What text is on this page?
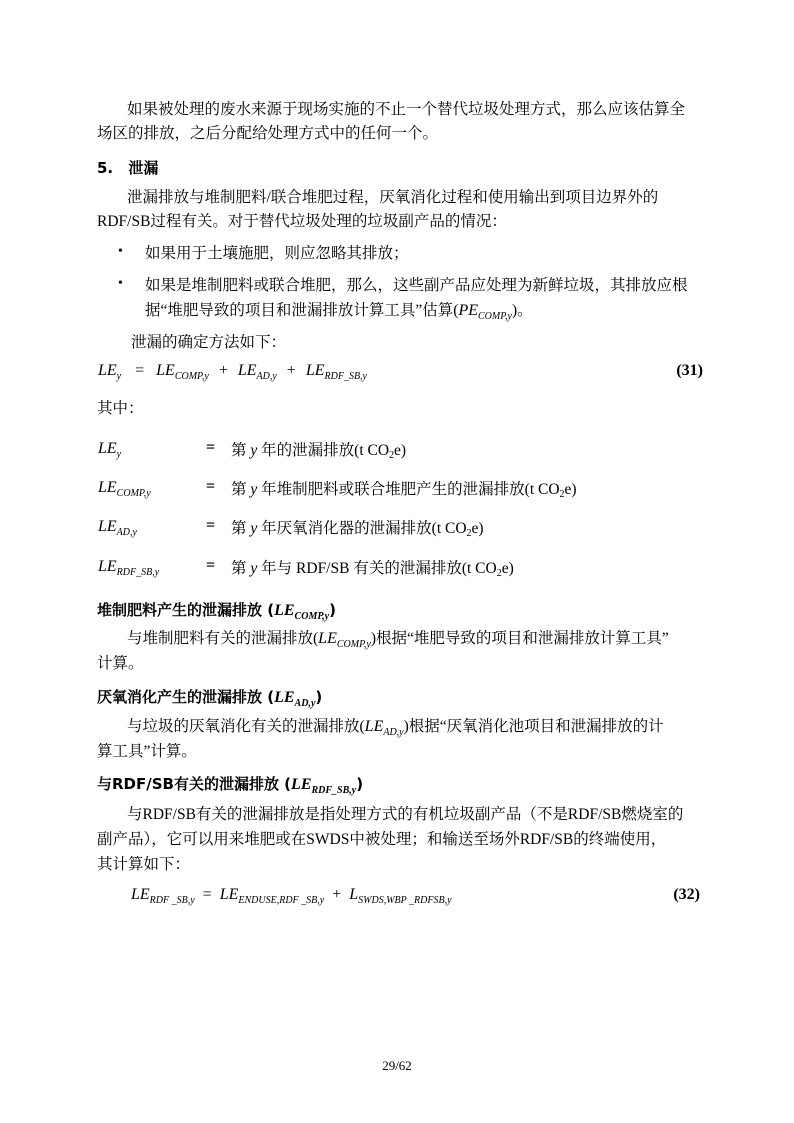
如果被处理的废水来源于现场实施的不止一个替代垃圾处理方式，那么应该估算全
场区的排放，之后分配给处理方式中的任何一个。
5. 泄漏
泄漏排放与堆制肥料/联合堆肥过程，厌氧消化过程和使用输出到项目边界外的
RDF/SB过程有关。对于替代垃圾处理的垃圾副产品的情况：
• 如果用于土壤施肥，则应忽略其排放；
• 如果是堆制肥料或联合堆肥，那么，这些副产品应处理为新鲜垃圾，其排放应根
据“堆肥导致的项目和泄漏排放计算工具”估算$(PE_{COMP,y})$。
泄漏的确定方法如下：
$LE_y = LE_{COMP,y} + LE_{AD,y} + LE_{RDF\_SB,y}$	(31)
其中：
$LE_y$	= 第 y 年的泄漏排放(t $CO_2e$)
$LE_{COMP,y}$	= 第 y 年堆制肥料或联合堆肥产生的泄漏排放(t $CO_2e$)
$LE_{AD,y}$	= 第 y 年厌氧消化器的泄漏排放(t $CO_2e$)
$LE_{RDF\_SB,y}$	= 第 y 年与 RDF/SB 有关的泄漏排放(t $CO_2e$)
堆制肥料产生的泄漏排放 $(LE_{COMP,y})$
与堆制肥料有关的泄漏排放$(LE_{COMP,y})$根据“堆肥导致的项目和泄漏排放计算工具”
计算。
厌氧消化产生的泄漏排放 $(LE_{AD,y})$
与垃圾的厌氧消化有关的泄漏排放$(LE_{AD,y})$根据“厌氧消化池项目和泄漏排放的计
算工具”计算。
与RDF/SB有关的泄漏排放 $(LE_{RDF\_SB,y})$
与RDF/SB有关的泄漏排放是指处理方式的有机垃圾副产品（不是RDF/SB燃烧室的
副产品），它可以用来堆肥或在SWDS中被处理；和输送至场外RDF/SB的终端使用，
其计算如下：
$LE_{RDF \_SB,y} = LE_{ENDUSE,RDF \_SB,y} + L_{SWDS,WBP \_RDFSB,y}$	(32)
29/62
